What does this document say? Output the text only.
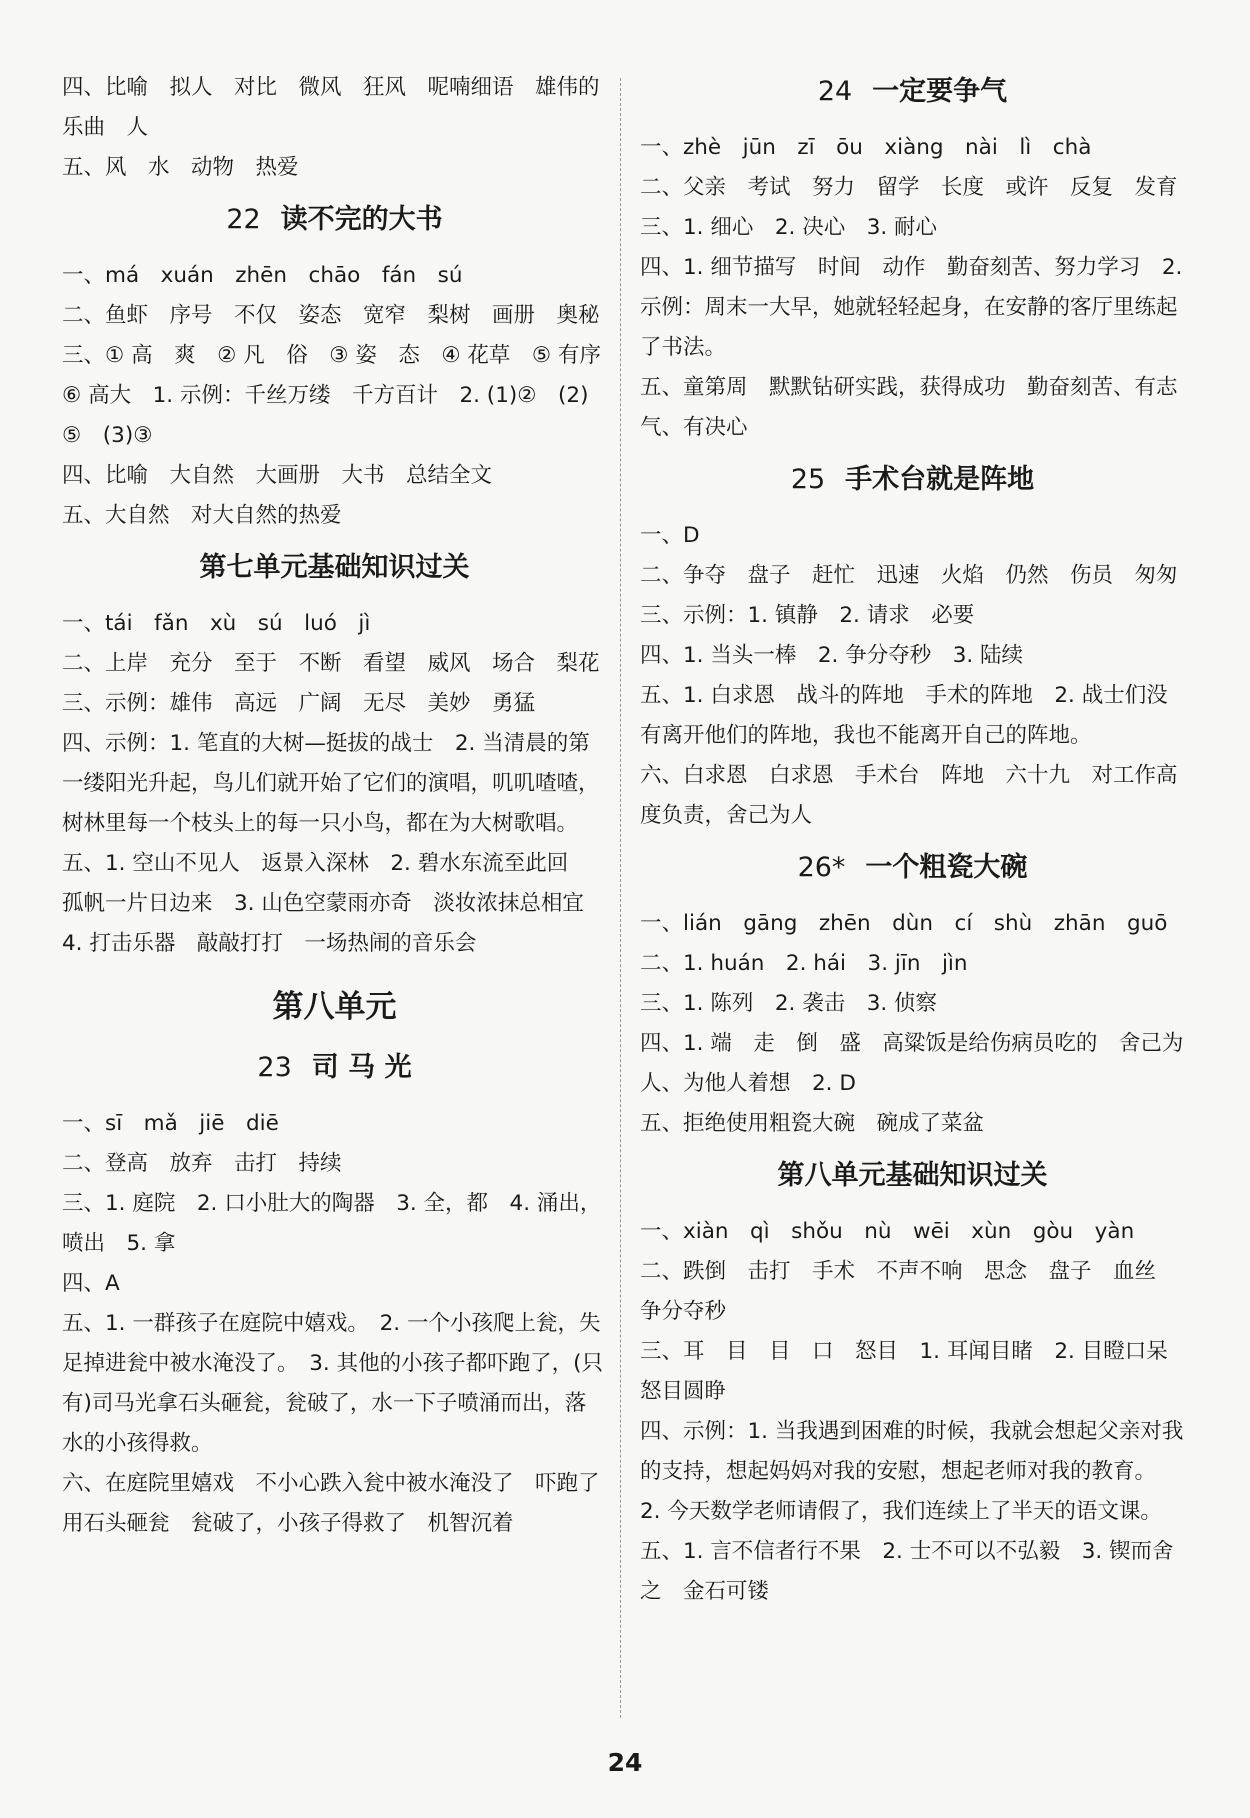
四、比喻　拟人　对比　微风　狂风　呢喃细语　雄伟的乐曲　人
五、风　水　动物　热爱
22 读不完的大书
一、má　xuán　zhēn　chāo　fán　sú
二、鱼虾　序号　不仅　姿态　宽窄　梨树　画册　奥秘
三、① 高　爽　② 凡　俗　③ 姿　态　④ 花草　⑤ 有序　⑥ 高大　1. 示例：千丝万缕　千方百计　2. (1)②　(2)⑤　(3)③
四、比喻　大自然　大画册　大书　总结全文
五、大自然　对大自然的热爱
第七单元基础知识过关
一、tái　fǎn　xù　sú　luó　jì
二、上岸　充分　至于　不断　看望　威风　场合　梨花
三、示例：雄伟　高远　广阔　无尽　美妙　勇猛
四、示例：1. 笔直的大树—挺拔的战士　2. 当清晨的第一缕阳光升起，鸟儿们就开始了它们的演唱，叽叽喳喳，树林里每一个枝头上的每一只小鸟，都在为大树歌唱。
五、1. 空山不见人　返景入深林　2. 碧水东流至此回　孤帆一片日边来　3. 山色空蒙雨亦奇　淡妆浓抹总相宜　4. 打击乐器　敲敲打打　一场热闹的音乐会
第八单元
23 司 马 光
一、sī　mǎ　jiē　diē
二、登高　放弃　击打　持续
三、1. 庭院　2. 口小肚大的陶器　3. 全，都　4. 涌出，喷出　5. 拿
四、A
五、1. 一群孩子在庭院中嬉戏。　2. 一个小孩爬上瓮，失足掉进瓮中被水淹没了。　3. 其他的小孩子都吓跑了，(只有)司马光拿石头砸瓮，瓮破了，水一下子喷涌而出，落水的小孩得救。
六、在庭院里嬉戏　不小心跌入瓮中被水淹没了　吓跑了　用石头砸瓮　瓮破了，小孩子得救了　机智沉着
24 一定要争气
一、zhè　jūn　zī　ōu　xiàng　nài　lì　chà
二、父亲　考试　努力　留学　长度　或许　反复　发育
三、1. 细心　2. 决心　3. 耐心
四、1. 细节描写　时间　动作　勤奋刻苦、努力学习　2. 示例：周末一大早，她就轻轻起身，在安静的客厅里练起了书法。
五、童第周　默默钻研实践，获得成功　勤奋刻苦、有志气、有决心
25 手术台就是阵地
一、D
二、争夺　盘子　赶忙　迅速　火焰　仍然　伤员　匆匆
三、示例：1. 镇静　2. 请求　必要
四、1. 当头一棒　2. 争分夺秒　3. 陆续
五、1. 白求恩　战斗的阵地　手术的阵地　2. 战士们没有离开他们的阵地，我也不能离开自己的阵地。
六、白求恩　白求恩　手术台　阵地　六十九　对工作高度负责，舍己为人
26* 一个粗瓷大碗
一、lián　gāng　zhēn　dùn　cí　shù　zhān　guō
二、1. huán　2. hái　3. jīn　jìn
三、1. 陈列　2. 袭击　3. 侦察
四、1. 端　走　倒　盛　高粱饭是给伤病员吃的　舍己为人、为他人着想　2. D
五、拒绝使用粗瓷大碗　碗成了菜盆
第八单元基础知识过关
一、xiàn　qì　shǒu　nù　wēi　xùn　gòu　yàn
二、跌倒　击打　手术　不声不响　思念　盘子　血丝　争分夺秒
三、耳　目　目　口　怒目　1. 耳闻目睹　2. 目瞪口呆　怒目圆睁
四、示例：1. 当我遇到困难的时候，我就会想起父亲对我的支持，想起妈妈对我的安慰，想起老师对我的教育。　2. 今天数学老师请假了，我们连续上了半天的语文课。
五、1. 言不信者行不果　2. 士不可以不弘毅　3. 锲而舍之　金石可镂
24
